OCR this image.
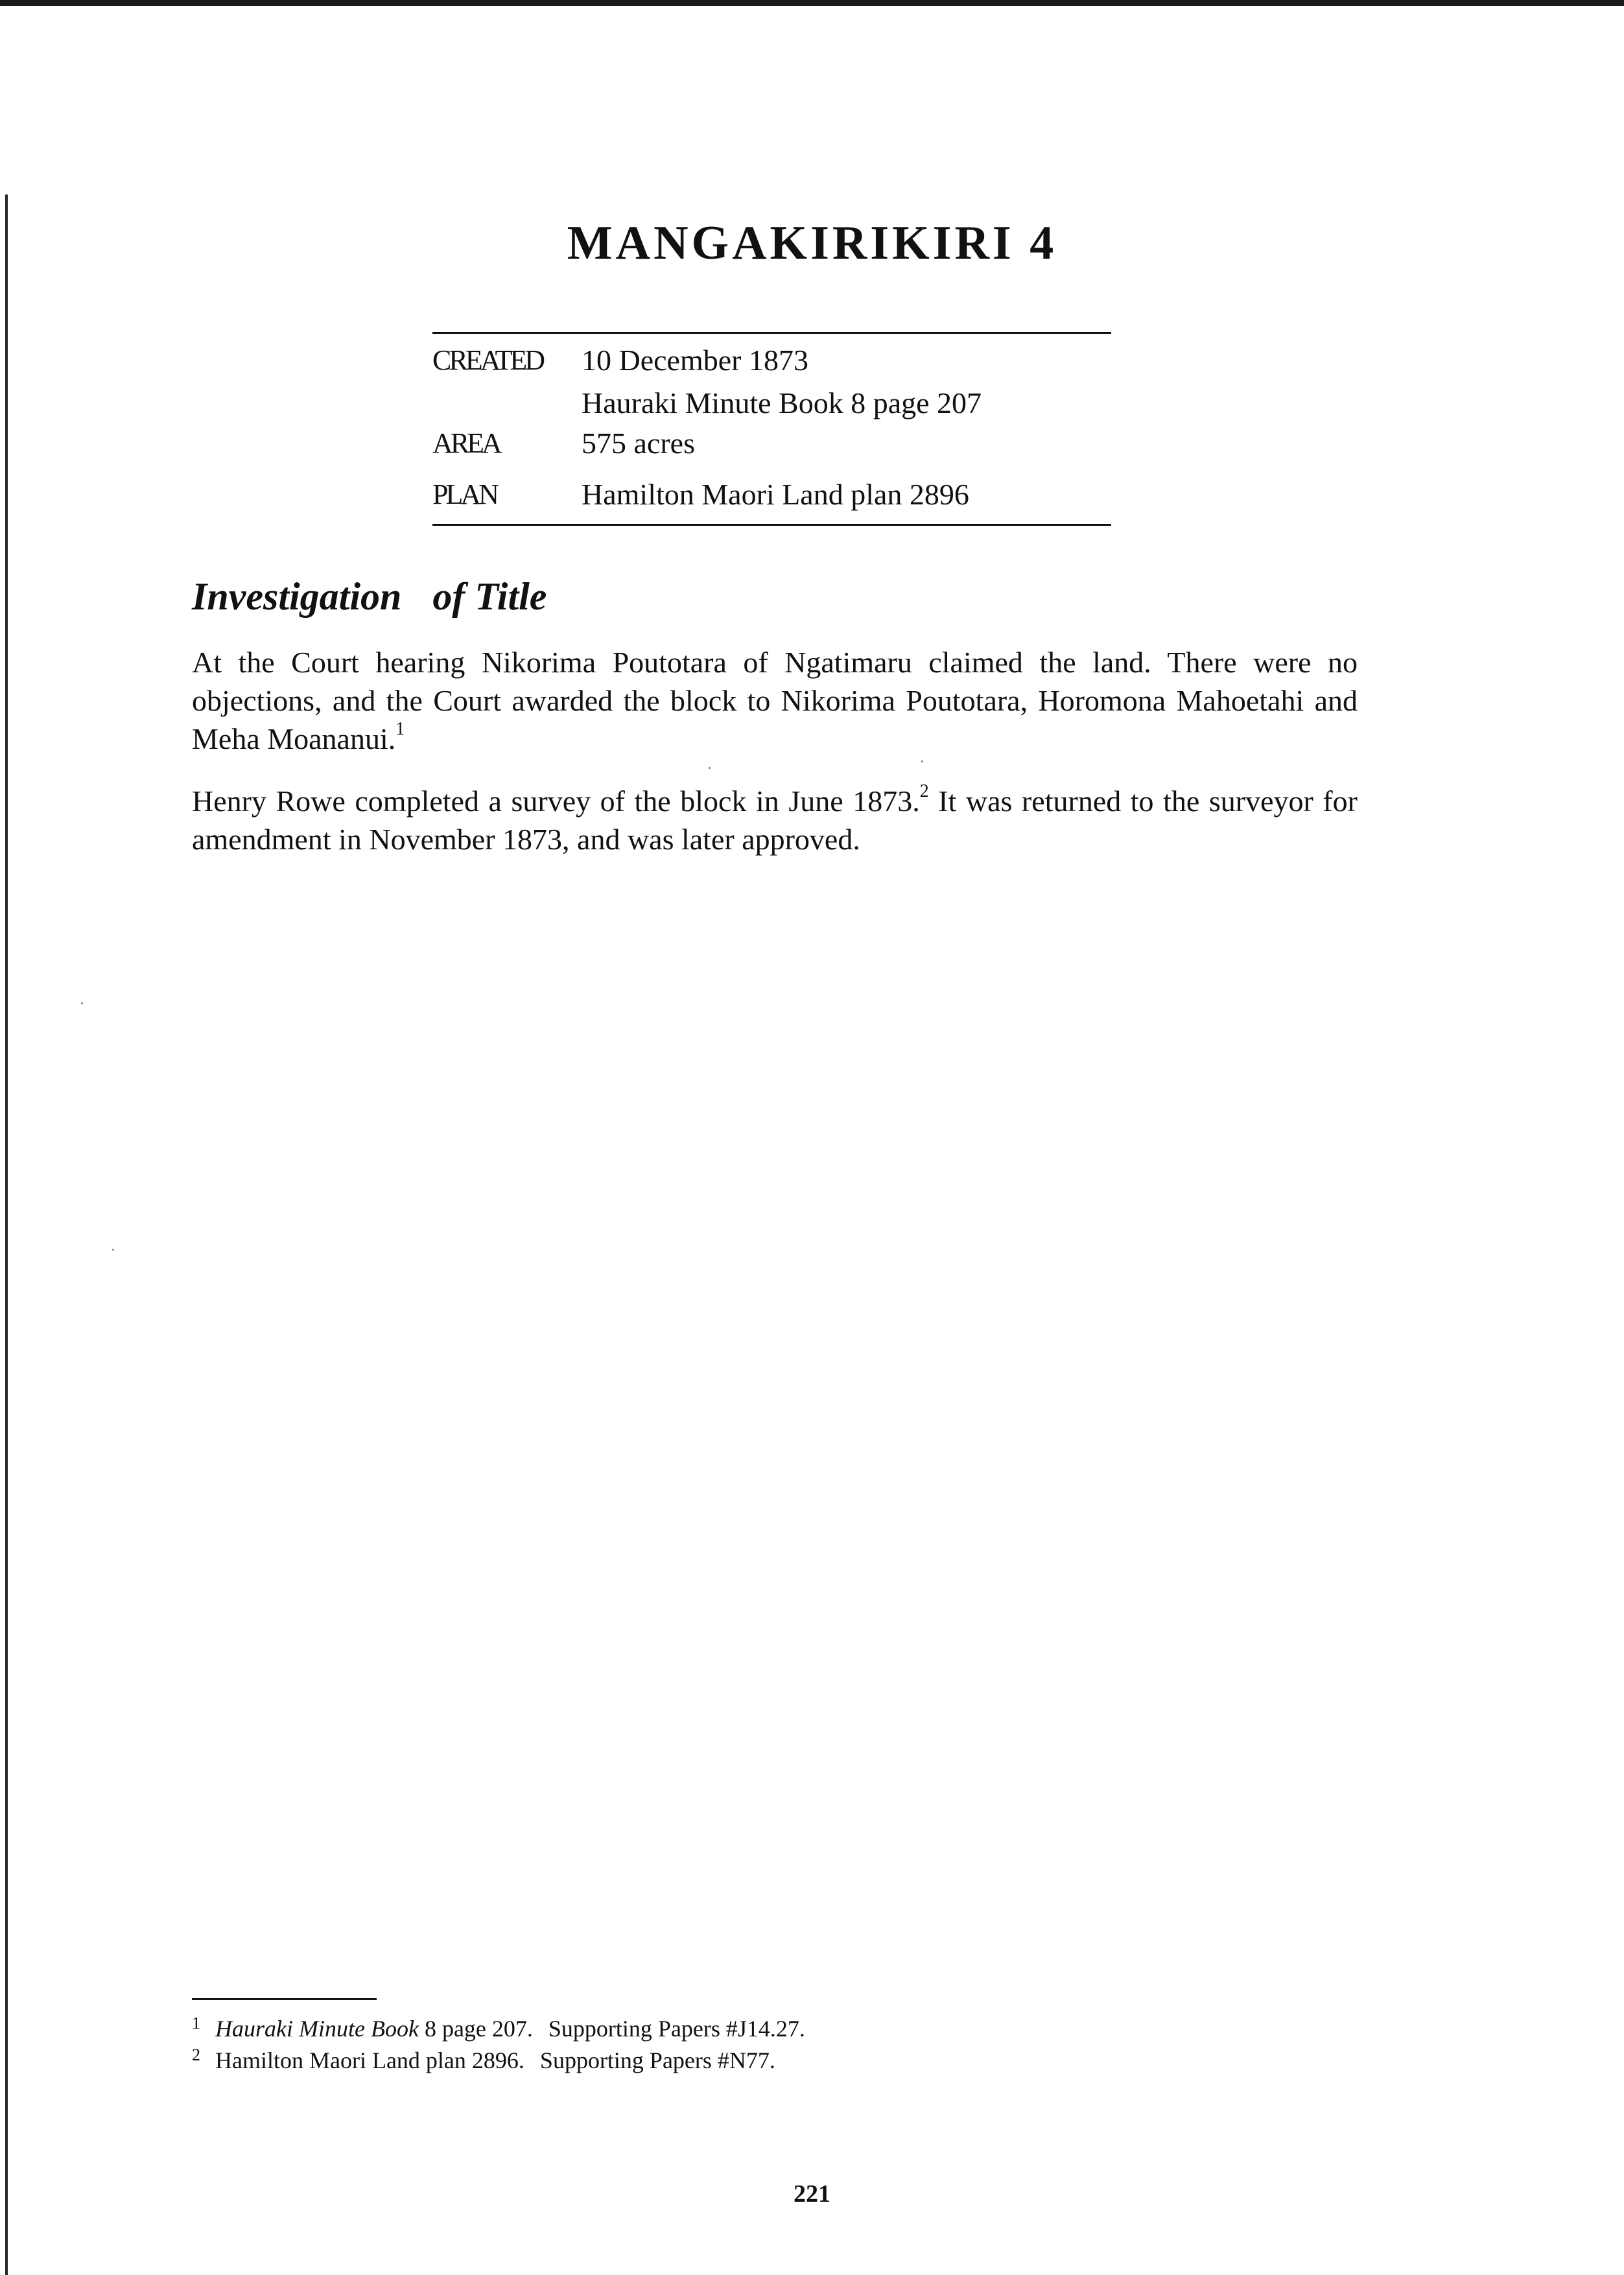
MANGAKIRIKIRI 4
CREATED 10 December 1873
Hauraki Minute Book 8 page 207
AREA	575 acres
PLAN	Hamilton Maori Land plan 2896
Investigation of Title

At the Court hearing Nikorima Poutotara of Ngatimaru claimed the land. There were no objections, and the Court awarded the block to Nikorima Poutotara, Horomona Mahoetahi and Meha Moananui.$^1$

Henry Rowe completed a survey of the block in June 1873.$^2$ It was returned to the surveyor for amendment in November 1873, and was later approved.

1 Hauraki Minute Book 8 page 207. Supporting Papers #J14.27.
2 Hamilton Maori Land plan 2896. Supporting Papers #N77.
221
